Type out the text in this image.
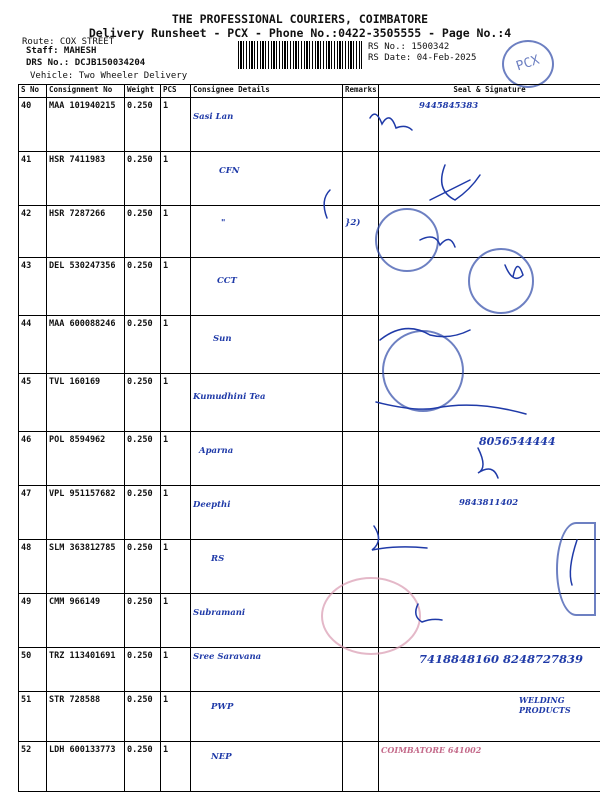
THE PROFESSIONAL COURIERS, COIMBATORE
Delivery Runsheet - PCX - Phone No.:0422-3505555 - Page No.:4
Route: COX STREET
Staff: MAHESH
DRS No.: DCJB150034204
Vehicle: Two Wheeler Delivery
RS No.: 1500342
RS Date: 04-Feb-2025	PCX
S No	Consignment No	Weight	PCS	Consignee Details	Remarks	Seal & Signature
40	MAA 101940215	0.250	1	Sasi Lan		9445845383
41	HSR 7411983	0.250	1	CFN		
42	HSR 7287266	0.250	1	"	}2)	
43	DEL 530247356	0.250	1	CCT		
44	MAA 600088246	0.250	1	Sun		
45	TVL 160169	0.250	1	Kumudhini Tea		
46	POL 8594962	0.250	1	Aparna		8056544444
47	VPL 951157682	0.250	1	Deepthi		9843811402
48	SLM 363812785	0.250	1	RS		
49	CMM 966149	0.250	1	Subramani		
50	TRZ 113401691	0.250	1	Sree Saravana		7418848160 8248727839
51	STR 728588	0.250	1	PWP		WELDING PRODUCTS
52	LDH 600133773	0.250	1	NEP		COIMBATORE 641002
